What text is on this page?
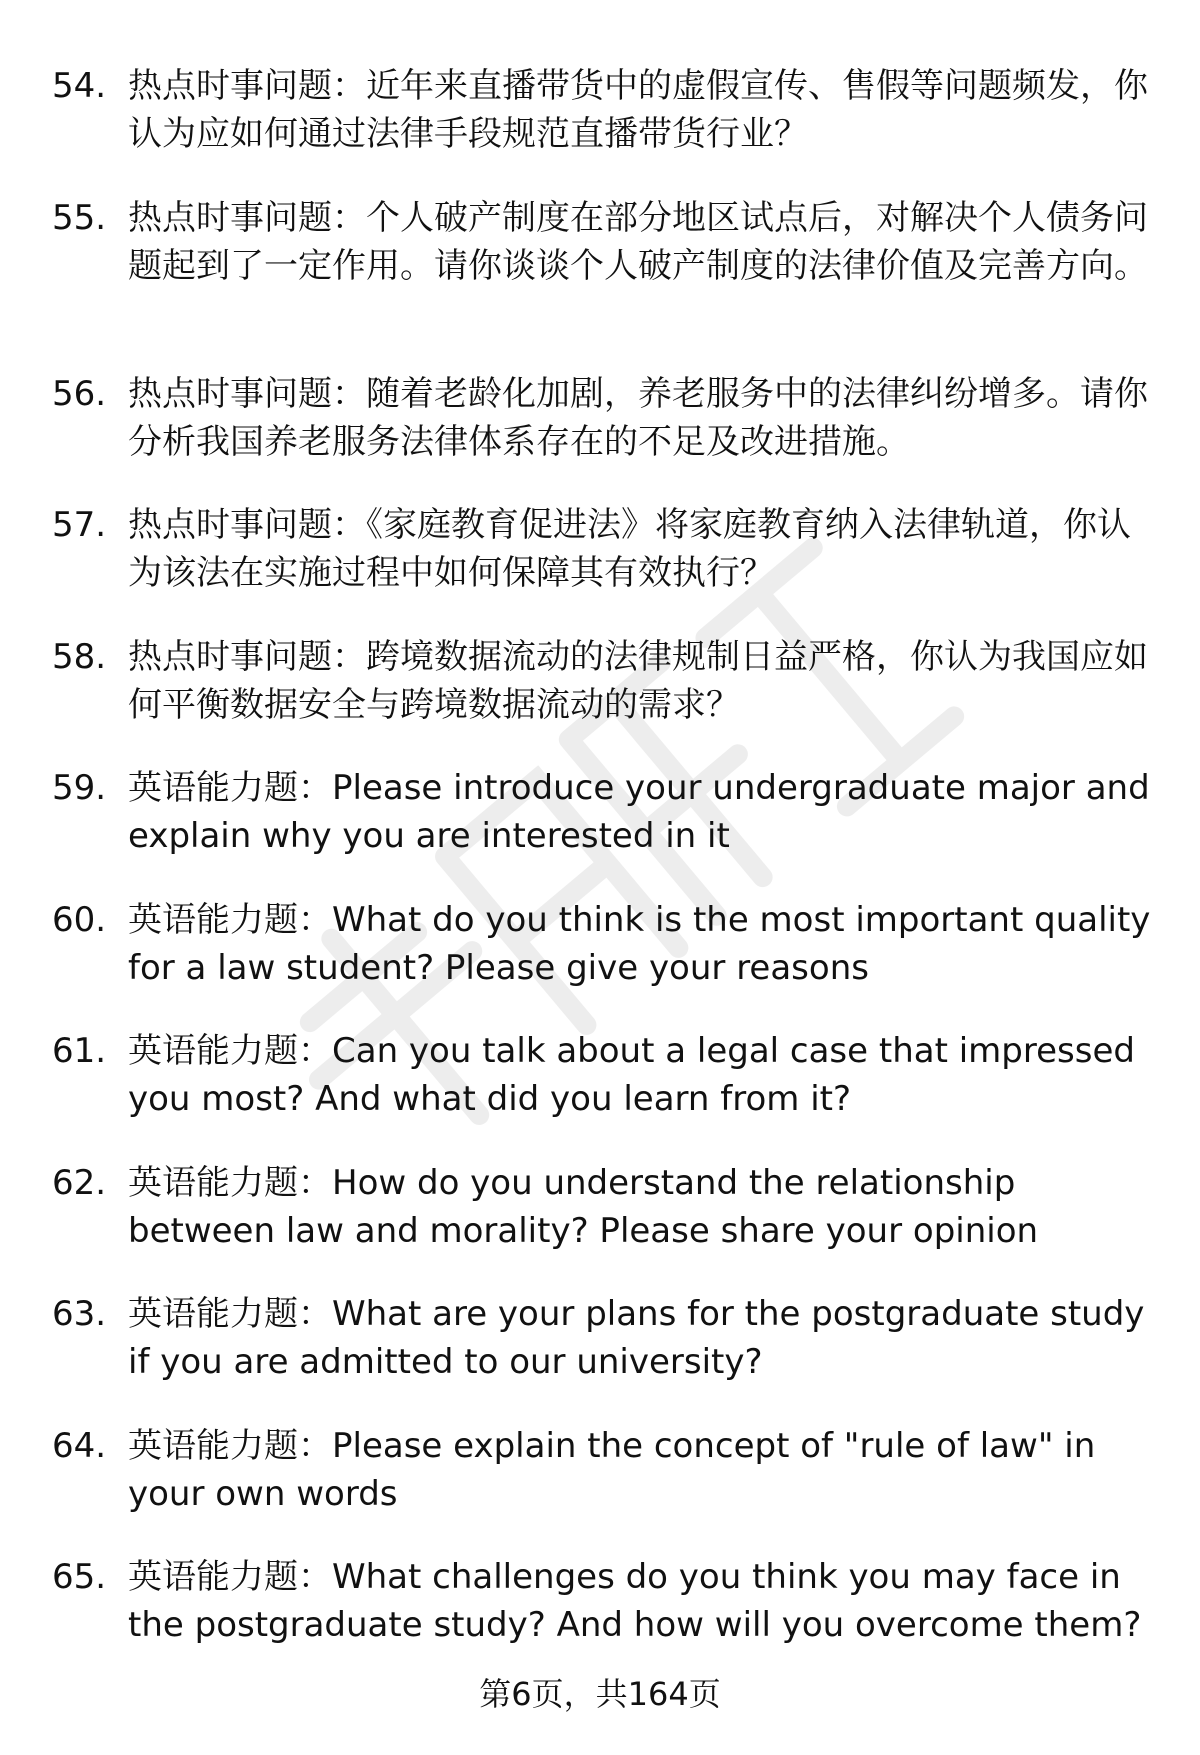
54. 热点时事问题：近年来直播带货中的虚假宣传、售假等问题频发，你认为应如何通过法律手段规范直播带货行业？

55. 热点时事问题：个人破产制度在部分地区试点后，对解决个人债务问题起到了一定作用。请你谈谈个人破产制度的法律价值及完善方向。

56. 热点时事问题：随着老龄化加剧，养老服务中的法律纠纷增多。请你分析我国养老服务法律体系存在的不足及改进措施。

57. 热点时事问题：《家庭教育促进法》将家庭教育纳入法律轨道，你认为该法在实施过程中如何保障其有效执行？

58. 热点时事问题：跨境数据流动的法律规制日益严格，你认为我国应如何平衡数据安全与跨境数据流动的需求？

59. 英语能力题：Please introduce your undergraduate major and explain why you are interested in it

60. 英语能力题：What do you think is the most important quality for a law student? Please give your reasons

61. 英语能力题：Can you talk about a legal case that impressed you most? And what did you learn from it?

62. 英语能力题：How do you understand the relationship between law and morality? Please share your opinion

63. 英语能力题：What are your plans for the postgraduate study if you are admitted to our university?

64. 英语能力题：Please explain the concept of "rule of law" in your own words

65. 英语能力题：What challenges do you think you may face in the postgraduate study? And how will you overcome them?

第6页，共164页
